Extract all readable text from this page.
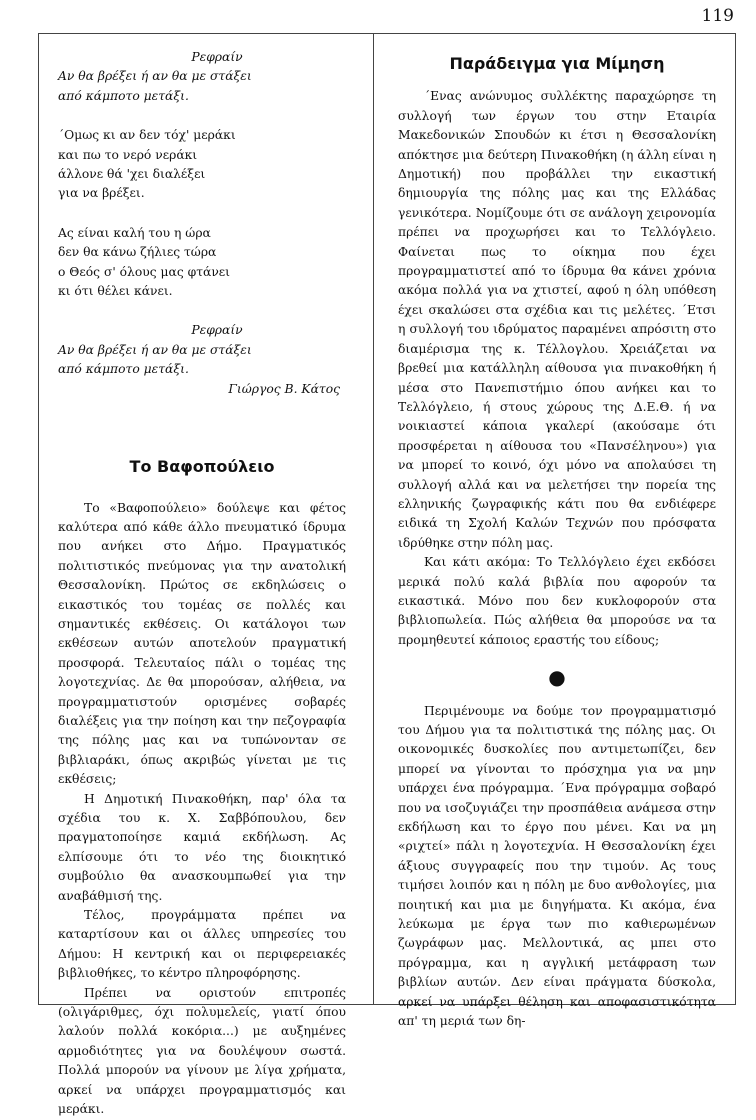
119

Ρεφραίν

Αν θα βρέξει ή αν θα με στάξει

από κάμποτο μετάξι.

΄Ομως κι αν δεν τόχ' μεράκι

και πω το νερό νεράκι

άλλονε θά 'χει διαλέξει

για να βρέξει.

Ας είναι καλή του η ώρα

δεν θα κάνω ζήλιες τώρα

ο Θεός σ' όλους μας φτάνει

κι ότι θέλει κάνει.

Ρεφραίν

Αν θα βρέξει ή αν θα με στάξει

από κάμποτο μετάξι.

Γιώργος Β. Κάτος

Το Βαφοπούλειο

Το «Βαφοπούλειο» δούλεψε και φέτος καλύτερα από κάθε άλλο πνευματικό ίδρυμα που ανήκει στο Δήμο. Πραγματικός πολιτιστικός πνεύμονας για την ανατολική Θεσσαλονίκη. Πρώτος σε εκδηλώσεις ο εικαστικός του τομέας σε πολλές και σημαντικές εκθέσεις. Οι κατάλογοι των εκθέσεων αυτών αποτελούν πραγματική προσφορά. Τελευταίος πάλι ο τομέας της λογοτεχνίας. Δε θα μπορούσαν, αλήθεια, να προγραμματιστούν ορισμένες σοβαρές διαλέξεις για την ποίηση και την πεζογραφία της πόλης μας και να τυπώνονταν σε βιβλιαράκι, όπως ακριβώς γίνεται με τις εκθέσεις;

Η Δημοτική Πινακοθήκη, παρ' όλα τα σχέδια του κ. Χ. Σαββόπουλου, δεν πραγματοποίησε καμιά εκδήλωση. Ας ελπίσουμε ότι το νέο της διοικητικό συμβούλιο θα ανασκουμπωθεί για την αναβάθμισή της.

Τέλος, προγράμματα πρέπει να καταρτίσουν και οι άλλες υπηρεσίες του Δήμου: Η κεντρική και οι περιφερειακές βιβλιοθήκες, το κέντρο πληροφόρησης.

Πρέπει να οριστούν επιτροπές (ολιγάριθμες, όχι πολυμελείς, γιατί όπου λαλούν πολλά κοκόρια...) με αυξημένες αρμοδιότητες για να δουλέψουν σωστά. Πολλά μπορούν να γίνουν με λίγα χρήματα, αρκεί να υπάρχει προγραμματισμός και μεράκι.

Παράδειγμα για Μίμηση

΄Ενας ανώνυμος συλλέκτης παραχώρησε τη συλλογή των έργων του στην Εταιρία Μακεδονικών Σπουδών κι έτσι η Θεσσαλονίκη απόκτησε μια δεύτερη Πινακοθήκη (η άλλη είναι η Δημοτική) που προβάλλει την εικαστική δημιουργία της πόλης μας και της Ελλάδας γενικότερα. Νομίζουμε ότι σε ανάλογη χειρονομία πρέπει να προχωρήσει και το Τελλόγλειο. Φαίνεται πως το οίκημα που έχει προγραμματιστεί από το ίδρυμα θα κάνει χρόνια ακόμα πολλά για να χτιστεί, αφού η όλη υπόθεση έχει σκαλώσει στα σχέδια και τις μελέτες. ΄Ετσι η συλλογή του ιδρύματος παραμένει απρόσιτη στο διαμέρισμα της κ. Τέλλογλου. Χρειάζεται να βρεθεί μια κατάλληλη αίθουσα για πινακοθήκη ή μέσα στο Πανεπιστήμιο όπου ανήκει και το Τελλόγλειο, ή στους χώρους της Δ.Ε.Θ. ή να νοικιαστεί κάποια γκαλερί (ακούσαμε ότι προσφέρεται η αίθουσα του «Πανσέληνου») για να μπορεί το κοινό, όχι μόνο να απολαύσει τη συλλογή αλλά και να μελετήσει την πορεία της ελληνικής ζωγραφικής κάτι που θα ενδιέφερε ειδικά τη Σχολή Καλών Τεχνών που πρόσφατα ιδρύθηκε στην πόλη μας.

Και κάτι ακόμα: Το Τελλόγλειο έχει εκδόσει μερικά πολύ καλά βιβλία που αφορούν τα εικαστικά. Μόνο που δεν κυκλοφορούν στα βιβλιοπωλεία. Πώς αλήθεια θα μπορούσε να τα προμηθευτεί κάποιος εραστής του είδους;

●

Περιμένουμε να δούμε τον προγραμματισμό του Δήμου για τα πολιτιστικά της πόλης μας. Οι οικονομικές δυσκολίες που αντιμετωπίζει, δεν μπορεί να γίνονται το πρόσχημα για να μην υπάρχει ένα πρόγραμμα. ΄Ενα πρόγραμμα σοβαρό που να ισοζυγιάζει την προσπάθεια ανάμεσα στην εκδήλωση και το έργο που μένει. Και να μη «ριχτεί» πάλι η λογοτεχνία. Η Θεσσαλονίκη έχει άξιους συγγραφείς που την τιμούν. Ας τους τιμήσει λοιπόν και η πόλη με δυο ανθολογίες, μια ποιητική και μια με διηγήματα. Κι ακόμα, ένα λεύκωμα με έργα των πιο καθιερωμένων ζωγράφων μας. Μελλοντικά, ας μπει στο πρόγραμμα, και η αγγλική μετάφραση των βιβλίων αυτών. Δεν είναι πράγματα δύσκολα, αρκεί να υπάρξει θέληση και αποφασιστικότητα απ' τη μεριά των δη-
